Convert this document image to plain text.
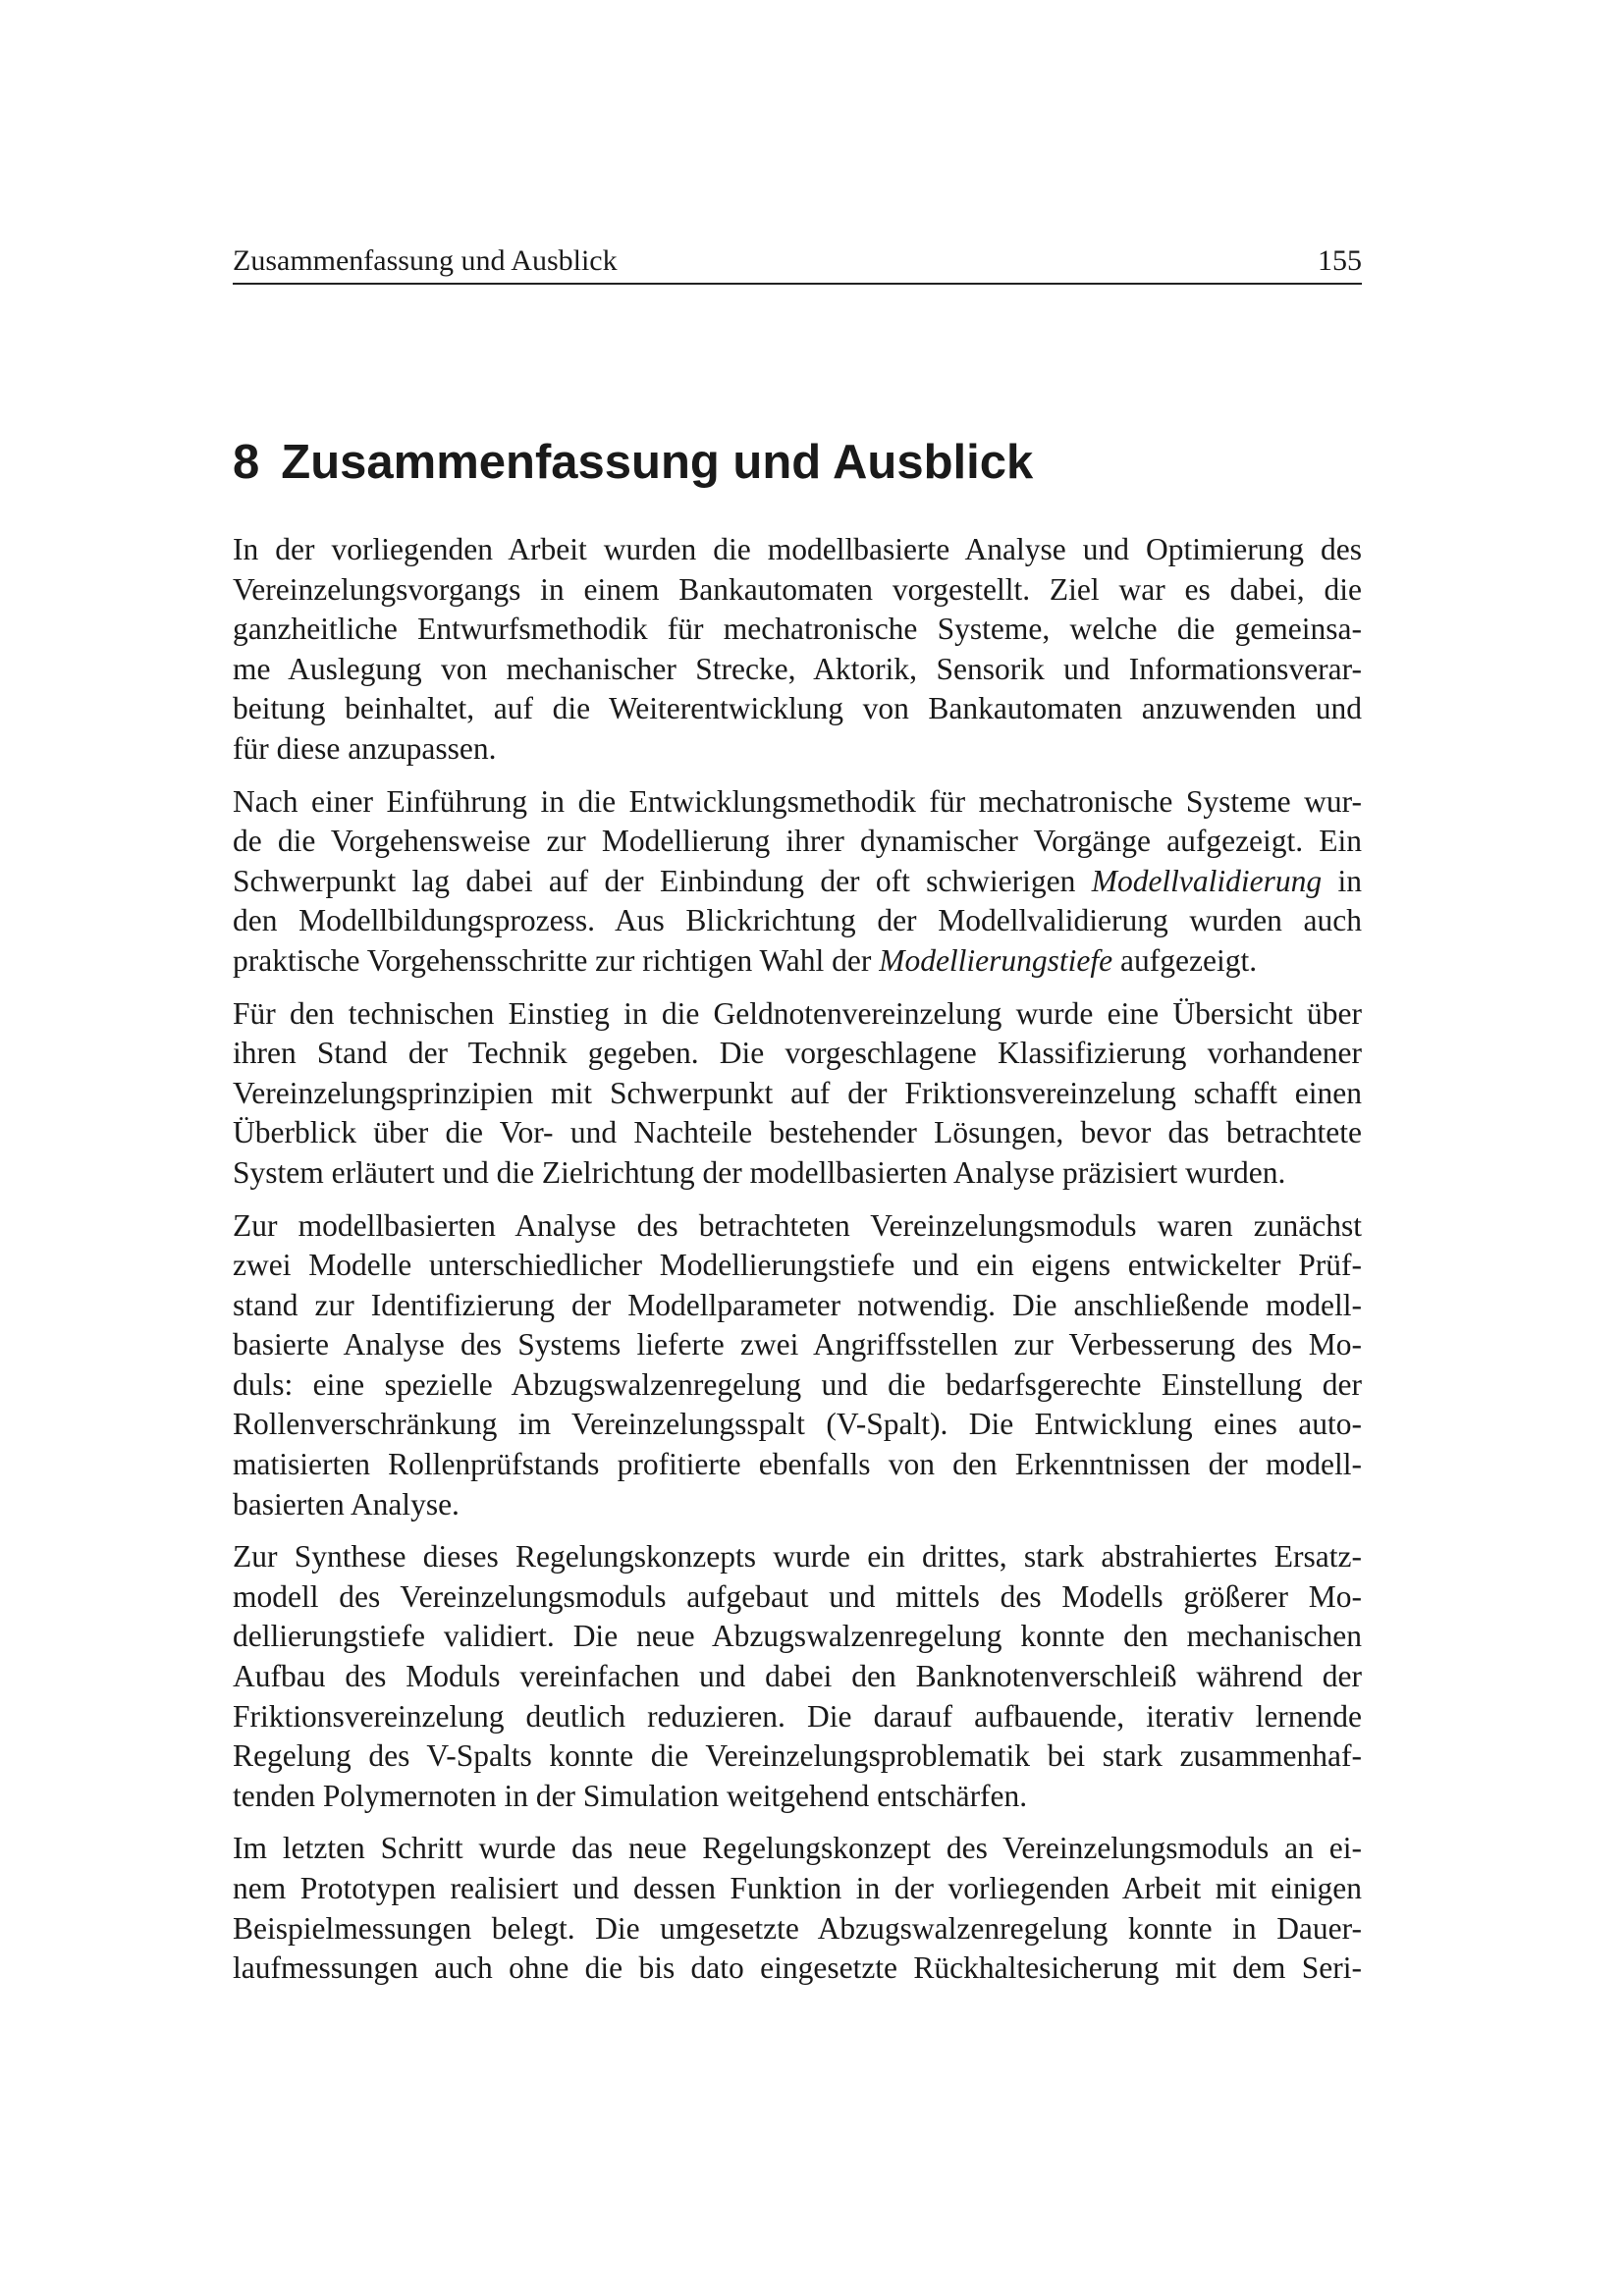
Zusammenfassung und Ausblick	155
8 Zusammenfassung und Ausblick

In der vorliegenden Arbeit wurden die modellbasierte Analyse und Optimierung des
Vereinzelungsvorgangs in einem Bankautomaten vorgestellt. Ziel war es dabei, die
ganzheitliche Entwurfsmethodik für mechatronische Systeme, welche die gemeinsa-
me Auslegung von mechanischer Strecke, Aktorik, Sensorik und Informationsverar-
beitung beinhaltet, auf die Weiterentwicklung von Bankautomaten anzuwenden und
für diese anzupassen.

Nach einer Einführung in die Entwicklungsmethodik für mechatronische Systeme wur-
de die Vorgehensweise zur Modellierung ihrer dynamischer Vorgänge aufgezeigt. Ein
Schwerpunkt lag dabei auf der Einbindung der oft schwierigen Modellvalidierung in
den Modellbildungsprozess. Aus Blickrichtung der Modellvalidierung wurden auch
praktische Vorgehensschritte zur richtigen Wahl der Modellierungstiefe aufgezeigt.

Für den technischen Einstieg in die Geldnotenvereinzelung wurde eine Übersicht über
ihren Stand der Technik gegeben. Die vorgeschlagene Klassifizierung vorhandener
Vereinzelungsprinzipien mit Schwerpunkt auf der Friktionsvereinzelung schafft einen
Überblick über die Vor- und Nachteile bestehender Lösungen, bevor das betrachtete
System erläutert und die Zielrichtung der modellbasierten Analyse präzisiert wurden.

Zur modellbasierten Analyse des betrachteten Vereinzelungsmoduls waren zunächst
zwei Modelle unterschiedlicher Modellierungstiefe und ein eigens entwickelter Prüf-
stand zur Identifizierung der Modellparameter notwendig. Die anschließende modell-
basierte Analyse des Systems lieferte zwei Angriffsstellen zur Verbesserung des Mo-
duls: eine spezielle Abzugswalzenregelung und die bedarfsgerechte Einstellung der
Rollenverschränkung im Vereinzelungsspalt (V-Spalt). Die Entwicklung eines auto-
matisierten Rollenprüfstands profitierte ebenfalls von den Erkenntnissen der modell-
basierten Analyse.

Zur Synthese dieses Regelungskonzepts wurde ein drittes, stark abstrahiertes Ersatz-
modell des Vereinzelungsmoduls aufgebaut und mittels des Modells größerer Mo-
dellierungstiefe validiert. Die neue Abzugswalzenregelung konnte den mechanischen
Aufbau des Moduls vereinfachen und dabei den Banknotenverschleiß während der
Friktionsvereinzelung deutlich reduzieren. Die darauf aufbauende, iterativ lernende
Regelung des V-Spalts konnte die Vereinzelungsproblematik bei stark zusammenhaf-
tenden Polymernoten in der Simulation weitgehend entschärfen.

Im letzten Schritt wurde das neue Regelungskonzept des Vereinzelungsmoduls an ei-
nem Prototypen realisiert und dessen Funktion in der vorliegenden Arbeit mit einigen
Beispielmessungen belegt. Die umgesetzte Abzugswalzenregelung konnte in Dauer-
laufmessungen auch ohne die bis dato eingesetzte Rückhaltesicherung mit dem Seri-
